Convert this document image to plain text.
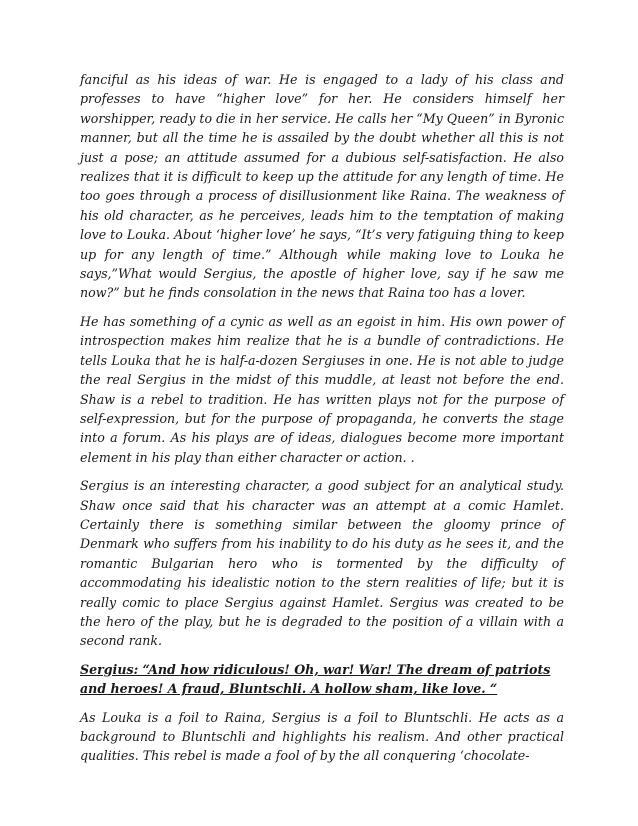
fanciful as his ideas of war. He is engaged to a lady of his class and professes to have “higher love” for her. He considers himself her worshipper, ready to die in her service. He calls her “My Queen” in Byronic manner, but all the time he is assailed by the doubt whether all this is not just a pose; an attitude assumed for a dubious self-satisfaction. He also realizes that it is difficult to keep up the attitude for any length of time. He too goes through a process of disillusionment like Raina. The weakness of his old character, as he perceives, leads him to the temptation of making love to Louka. About ‘higher love’ he says, “It’s very fatiguing thing to keep up for any length of time.” Although while making love to Louka he says,”What would Sergius, the apostle of higher love, say if he saw me now?” but he finds consolation in the news that Raina too has a lover.

He has something of a cynic as well as an egoist in him. His own power of introspection makes him realize that he is a bundle of contradictions. He tells Louka that he is half-a-dozen Sergiuses in one. He is not able to judge the real Sergius in the midst of this muddle, at least not before the end. Shaw is a rebel to tradition. He has written plays not for the purpose of self-expression, but for the purpose of propaganda, he converts the stage into a forum. As his plays are of ideas, dialogues become more important element in his play than either character or action. .

Sergius is an interesting character, a good subject for an analytical study. Shaw once said that his character was an attempt at a comic Hamlet. Certainly there is something similar between the gloomy prince of Denmark who suffers from his inability to do his duty as he sees it, and the romantic Bulgarian hero who is tormented by the difficulty of accommodating his idealistic notion to the stern realities of life; but it is really comic to place Sergius against Hamlet. Sergius was created to be the hero of the play, but he is degraded to the position of a villain with a second rank.

Sergius: “And how ridiculous! Oh, war! War! The dream of patriots and heroes! A fraud, Bluntschli. A hollow sham, like love. “

As Louka is a foil to Raina, Sergius is a foil to Bluntschli. He acts as a background to Bluntschli and highlights his realism. And other practical qualities. This rebel is made a fool of by the all conquering ‘chocolate-
